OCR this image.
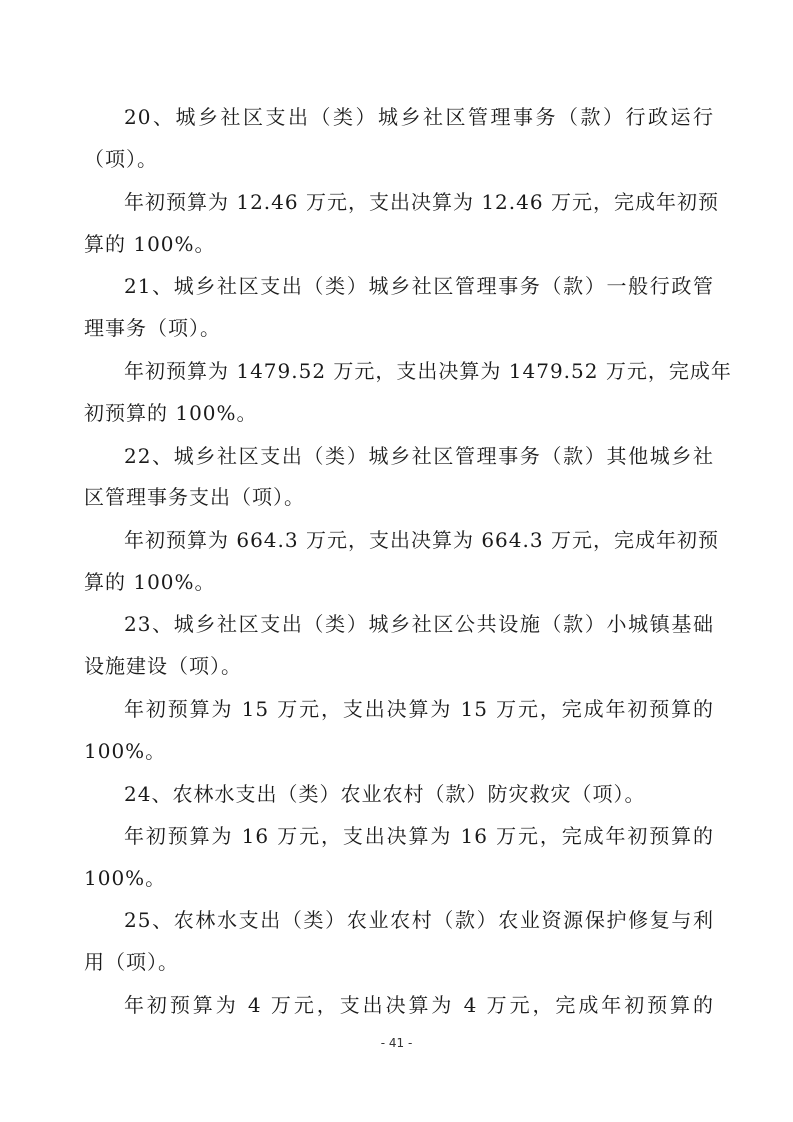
20、城乡社区支出（类）城乡社区管理事务（款）行政运行
（项）。
年初预算为 12.46 万元，支出决算为 12.46 万元，完成年初预
算的 100%。
21、城乡社区支出（类）城乡社区管理事务（款）一般行政管
理事务（项）。
年初预算为 1479.52 万元，支出决算为 1479.52 万元，完成年
初预算的 100%。
22、城乡社区支出（类）城乡社区管理事务（款）其他城乡社
区管理事务支出（项）。
年初预算为 664.3 万元，支出决算为 664.3 万元，完成年初预
算的 100%。
23、城乡社区支出（类）城乡社区公共设施（款）小城镇基础
设施建设（项）。
年初预算为 15 万元，支出决算为 15 万元，完成年初预算的
100%。
24、农林水支出（类）农业农村（款）防灾救灾（项）。
年初预算为 16 万元，支出决算为 16 万元，完成年初预算的
100%。
25、农林水支出（类）农业农村（款）农业资源保护修复与利
用（项）。
年初预算为 4 万元，支出决算为 4 万元，完成年初预算的
- 41 -
